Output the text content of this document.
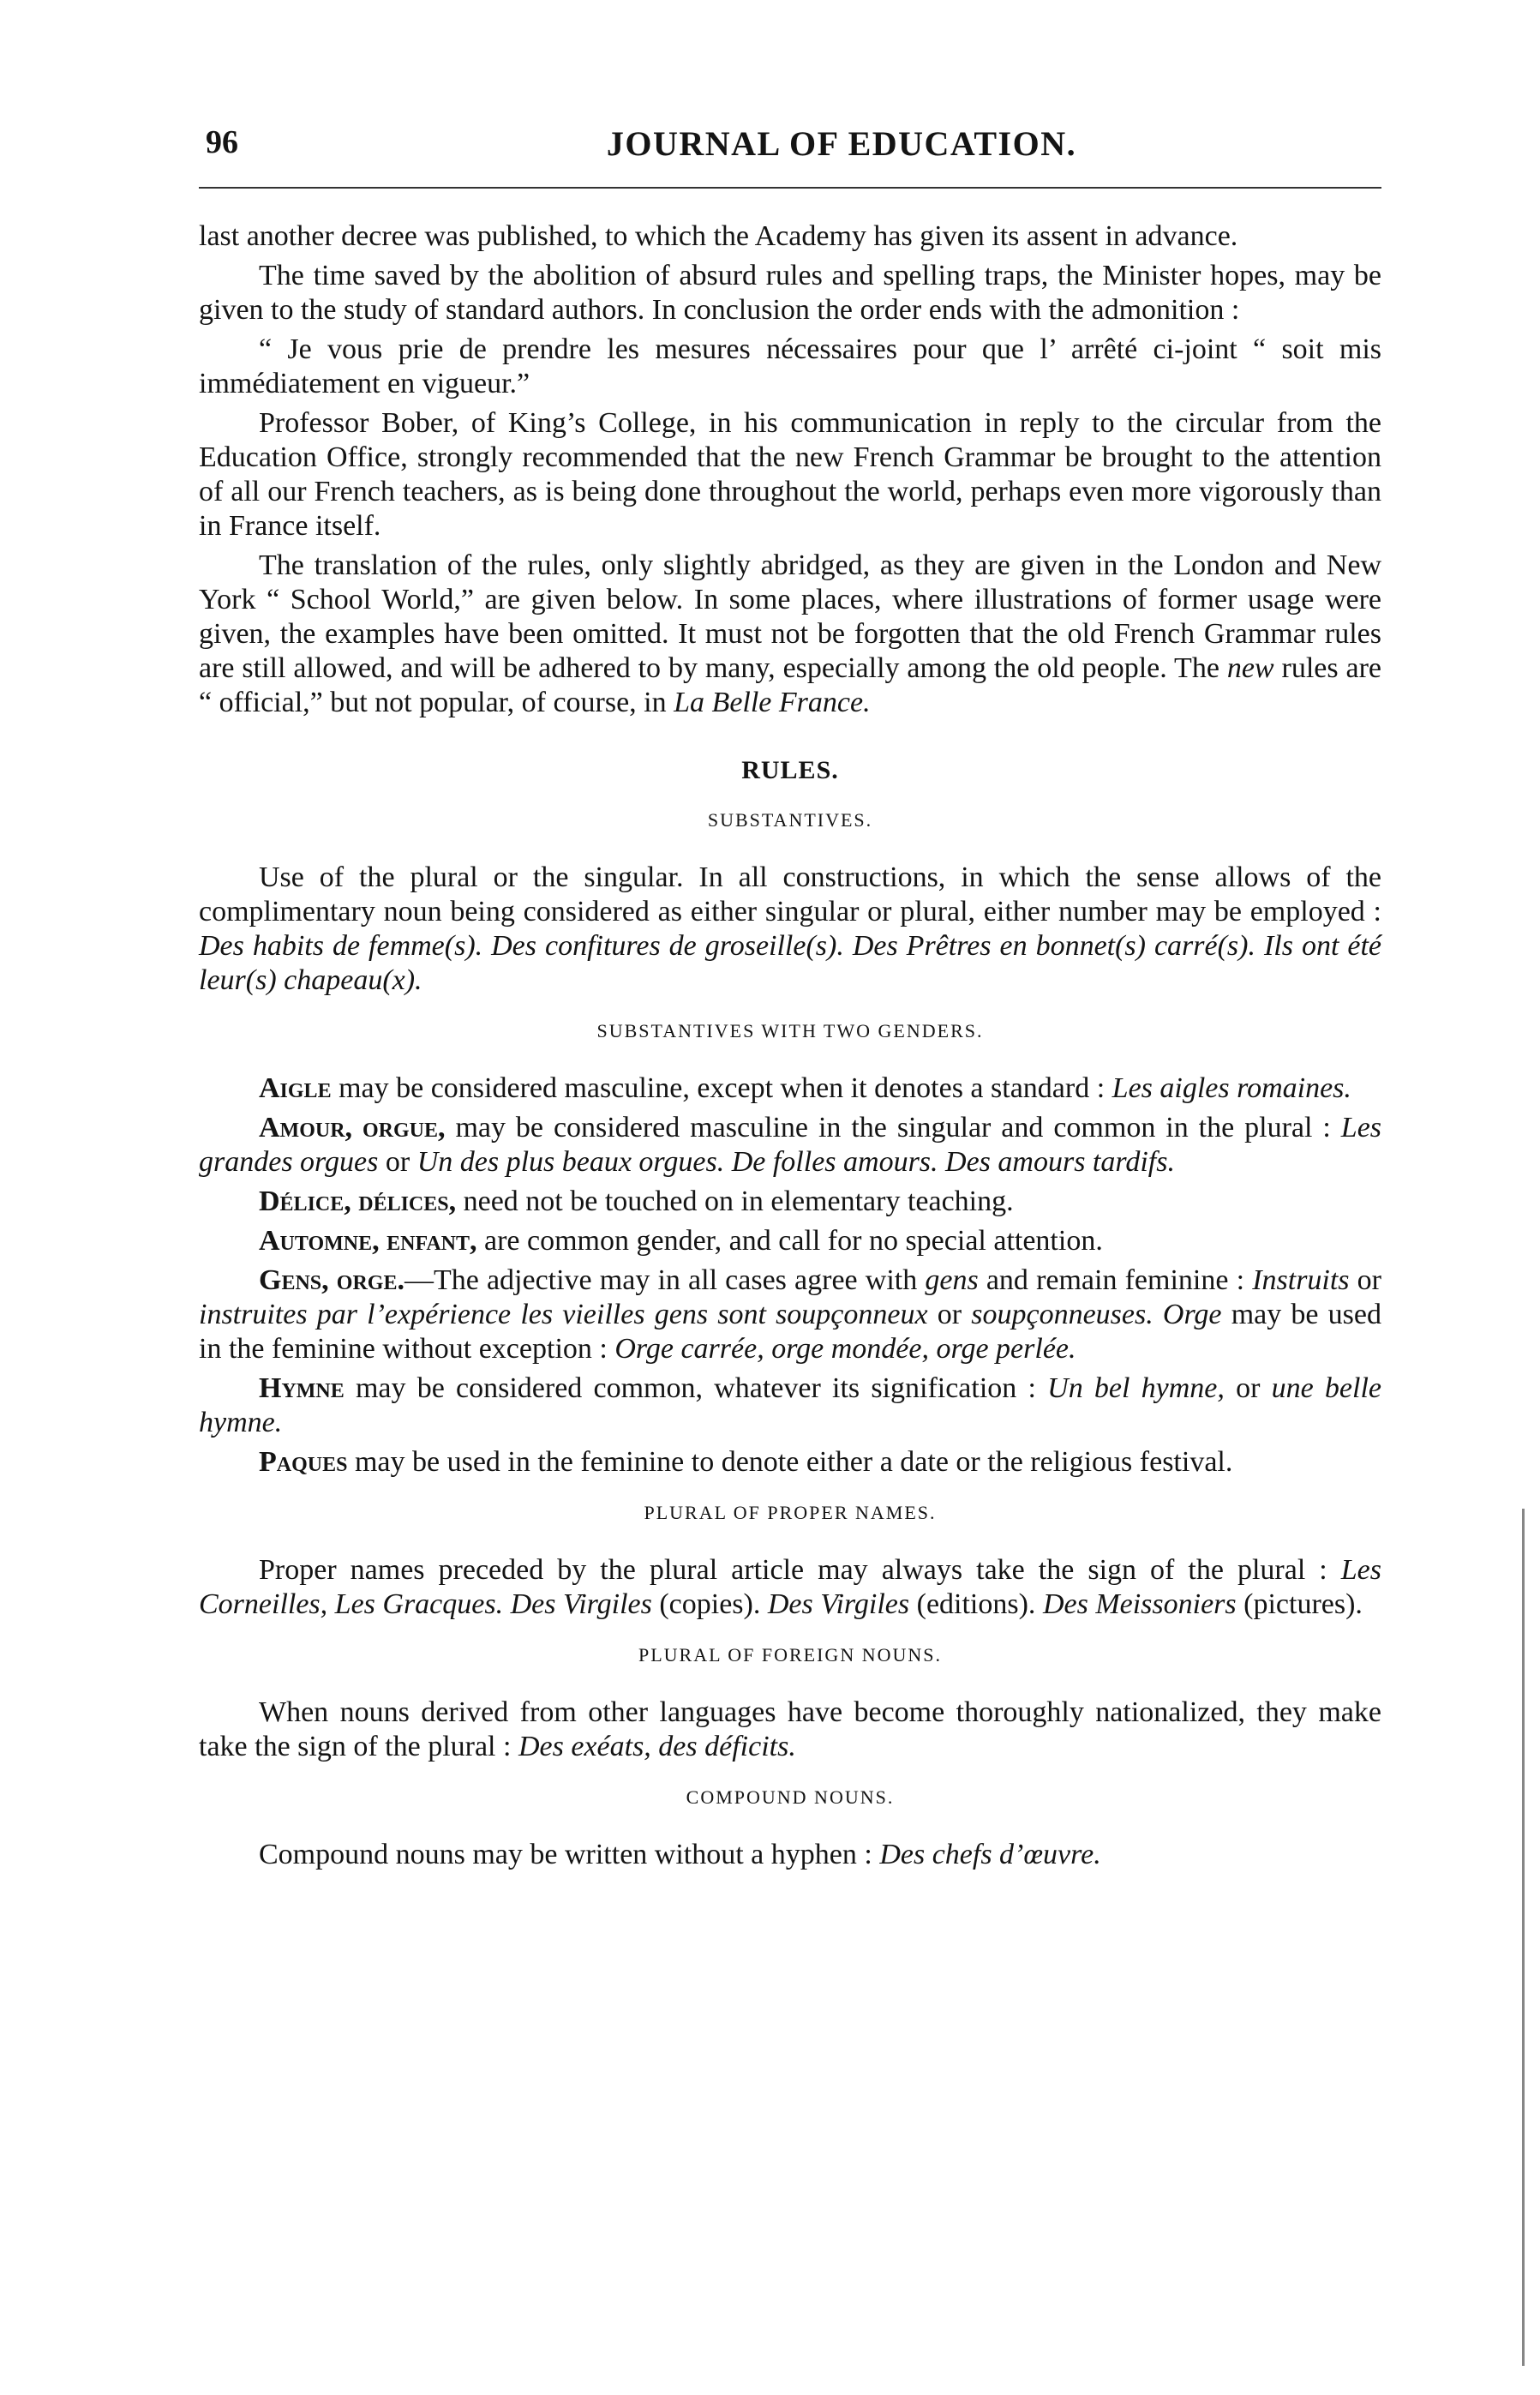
96	JOURNAL OF EDUCATION.

last another decree was published, to which the Academy has given its assent in advance.

The time saved by the abolition of absurd rules and spelling traps, the Minister hopes, may be given to the study of standard authors. In conclusion the order ends with the admonition :

“ Je vous prie de prendre les mesures nécessaires pour que l’ arrêté ci-joint “ soit mis immédiatement en vigueur.”

Professor Bober, of King’s College, in his communication in reply to the circular from the Education Office, strongly recommended that the new French Grammar be brought to the attention of all our French teachers, as is being done throughout the world, perhaps even more vigorously than in France itself.

The translation of the rules, only slightly abridged, as they are given in the London and New York “ School World,” are given below. In some places, where illustrations of former usage were given, the examples have been omitted. It must not be forgotten that the old French Grammar rules are still allowed, and will be adhered to by many, especially among the old people. The new rules are “ official,” but not popular, of course, in La Belle France.

RULES.
SUBSTANTIVES.

Use of the plural or the singular. In all constructions, in which the sense allows of the complimentary noun being considered as either singular or plural, either number may be employed : Des habits de femme(s). Des confitures de groseille(s). Des Prêtres en bonnet(s) carré(s). Ils ont été leur(s) chapeau(x).

SUBSTANTIVES WITH TWO GENDERS.

Aigle may be considered masculine, except when it denotes a standard : Les aigles romaines.

Amour, orgue, may be considered masculine in the singular and common in the plural : Les grandes orgues or Un des plus beaux orgues. De folles amours. Des amours tardifs.

Délice, délices, need not be touched on in elementary teaching.

Automne, enfant, are common gender, and call for no special attention.

Gens, orge.—The adjective may in all cases agree with gens and remain feminine : Instruits or instruites par l’expérience les vieilles gens sont soupçonneux or soupçonneuses. Orge may be used in the feminine without exception : Orge carrée, orge mondée, orge perlée.

Hymne may be considered common, whatever its signification : Un bel hymne, or une belle hymne.

Paques may be used in the feminine to denote either a date or the religious festival.

PLURAL OF PROPER NAMES.

Proper names preceded by the plural article may always take the sign of the plural : Les Corneilles, Les Gracques. Des Virgiles (copies). Des Virgiles (editions). Des Meissoniers (pictures).

PLURAL OF FOREIGN NOUNS.

When nouns derived from other languages have become thoroughly nationalized, they make take the sign of the plural : Des exéats, des déficits.

COMPOUND NOUNS.

Compound nouns may be written without a hyphen : Des chefs d’œuvre.
